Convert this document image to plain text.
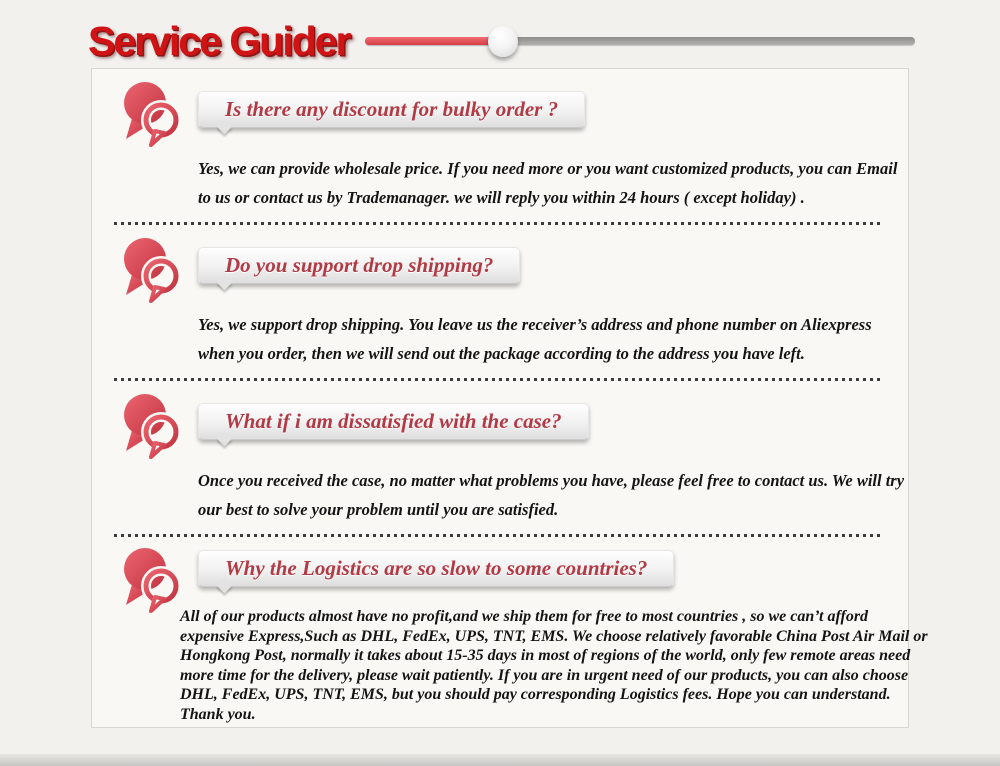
Service Guider
Is there any discount for bulky order ?

Yes, we can provide wholesale price. If you need more or you want customized products, you can Email to us or contact us by Trademanager. we will reply you within 24 hours ( except holiday) .

Do you support drop shipping?

Yes, we support drop shipping. You leave us the receiver’s address and phone number on Aliexpress when you order, then we will send out the package according to the address you have left.

What if i am dissatisfied with the case?

Once you received the case, no matter what problems you have, please feel free to contact us. We will try our best to solve your problem until you are satisfied.

Why the Logistics are so slow to some countries?

All of our products almost have no profit,and we ship them for free to most countries , so we can’t afford expensive Express,Such as DHL, FedEx, UPS, TNT, EMS. We choose relatively favorable China Post Air Mail or Hongkong Post, normally it takes about 15-35 days in most of regions of the world, only few remote areas need more time for the delivery, please wait patiently. If you are in urgent need of our products, you can also choose DHL, FedEx, UPS, TNT, EMS, but you should pay corresponding Logistics fees. Hope you can understand. Thank you.
